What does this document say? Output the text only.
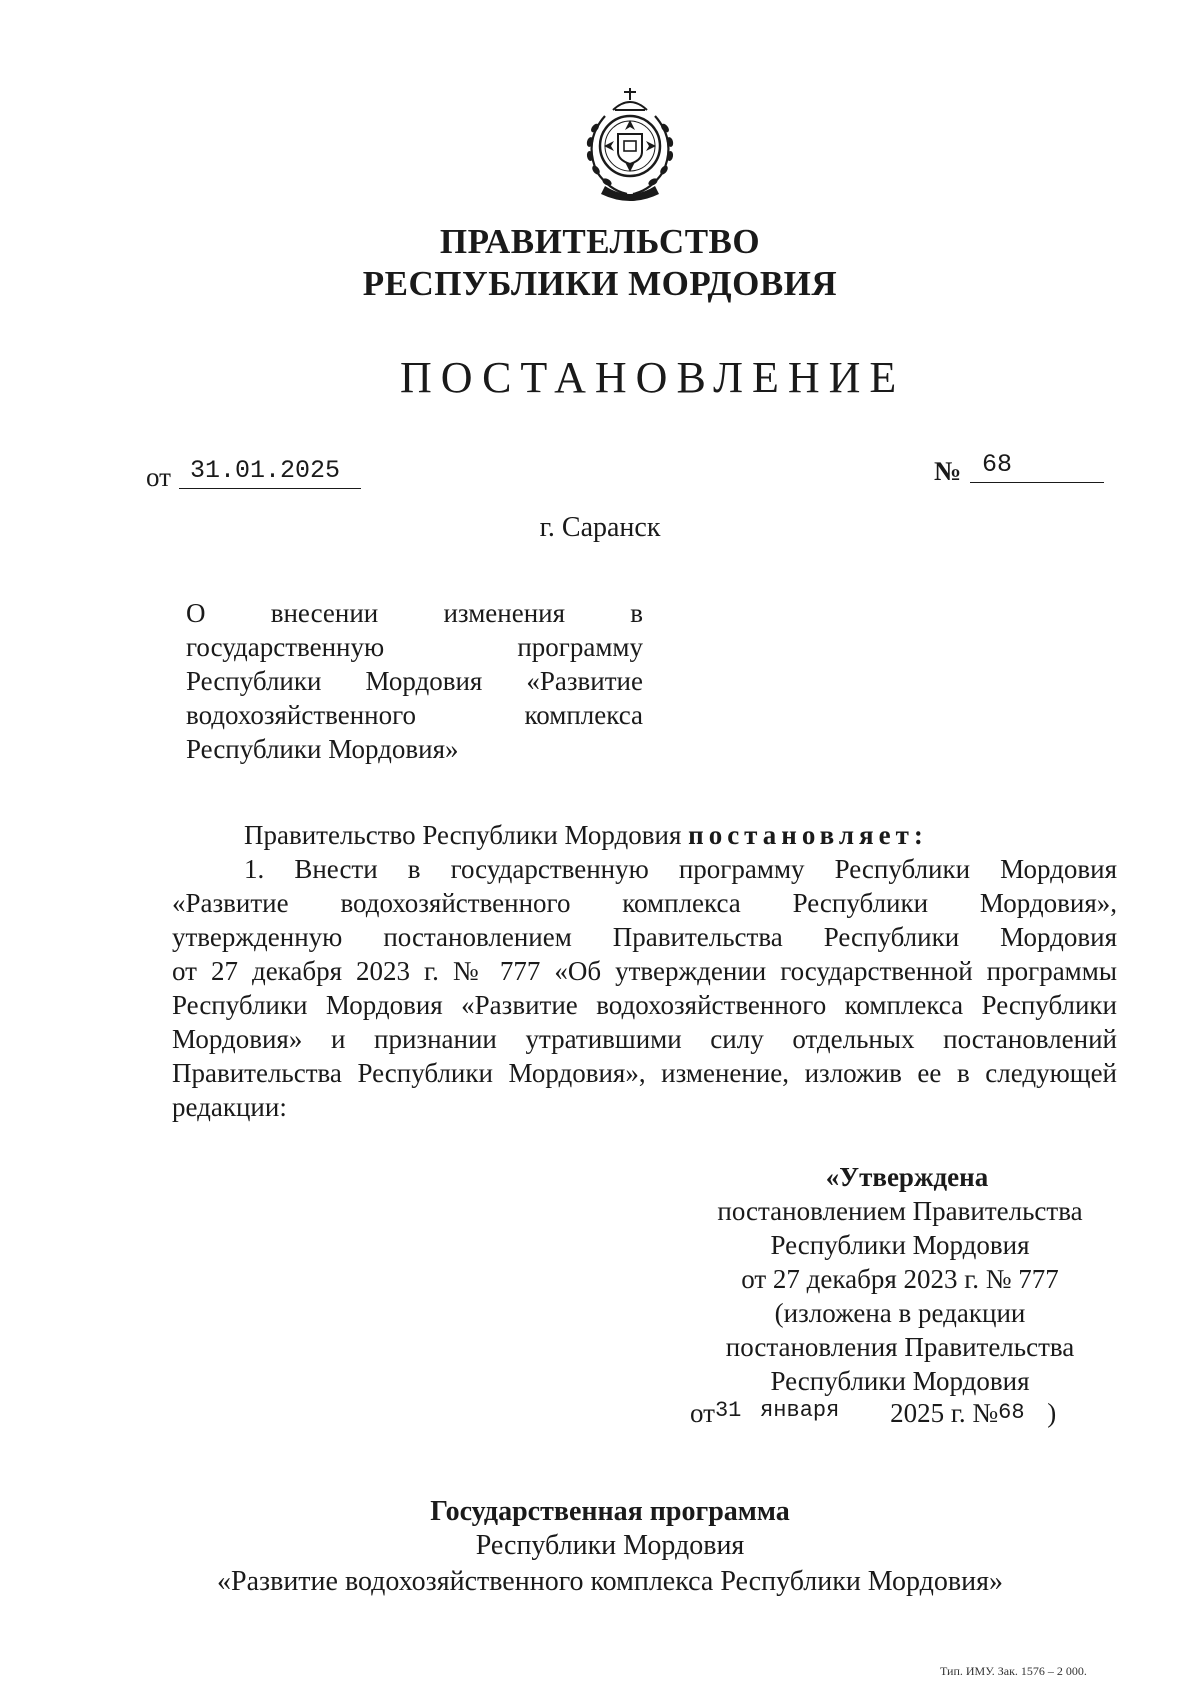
ПРАВИТЕЛЬСТВО
РЕСПУБЛИКИ МОРДОВИЯ
ПОСТАНОВЛЕНИЕ
от 31.01.2025	№ 68
г. Саранск
О внесении изменения в
государственную	программу
Республики Мордовия «Развитие
водохозяйственного	комплекса
Республики Мордовия»
Правительство Республики Мордовия постановляет:
1. Внести в государственную программу Республики Мордовия
«Развитие водохозяйственного комплекса Республики Мордовия»,
утвержденную постановлением Правительства Республики Мордовия
от 27 декабря 2023 г. № 777 «Об утверждении государственной программы
Республики Мордовия «Развитие водохозяйственного комплекса Республики
Мордовия» и признании утратившими силу отдельных постановлений
Правительства Республики Мордовия», изменение, изложив ее в следующей
редакции:
«Утверждена
постановлением Правительства
Республики Мордовия
от 27 декабря 2023 г. № 777
(изложена в редакции
постановления Правительства
Республики Мордовия
$от^{31}$ $^{января}$ 2025 г. №68 )
Государственная программа
Республики Мордовия
«Развитие водохозяйственного комплекса Республики Мордовия»
Тип. ИМУ. Зак. 1576 – 2 000.
